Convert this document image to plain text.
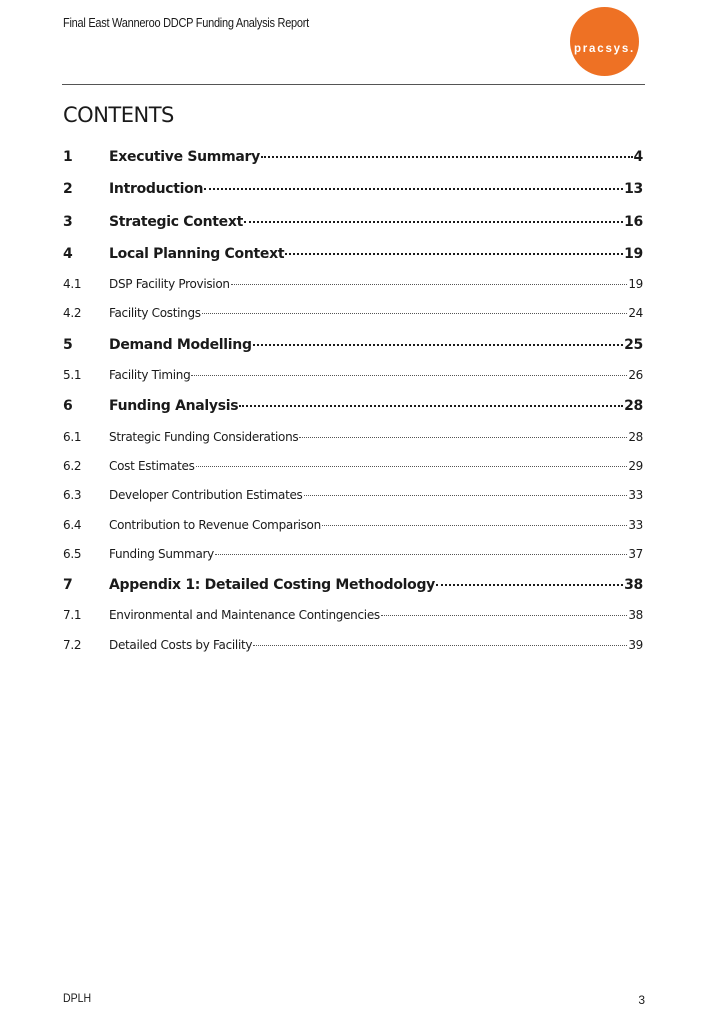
Final East Wanneroo DDCP Funding Analysis Report
pracsys.
CONTENTS
1	Executive Summary	4
2	Introduction	13
3	Strategic Context	16
4	Local Planning Context	19
4.1	DSP Facility Provision	19
4.2	Facility Costings	24
5	Demand Modelling	25
5.1	Facility Timing	26
6	Funding Analysis	28
6.1	Strategic Funding Considerations	28
6.2	Cost Estimates	29
6.3	Developer Contribution Estimates	33
6.4	Contribution to Revenue Comparison	33
6.5	Funding Summary	37
7	Appendix 1: Detailed Costing Methodology	38
7.1	Environmental and Maintenance Contingencies	38
7.2	Detailed Costs by Facility	39
DPLH	3
